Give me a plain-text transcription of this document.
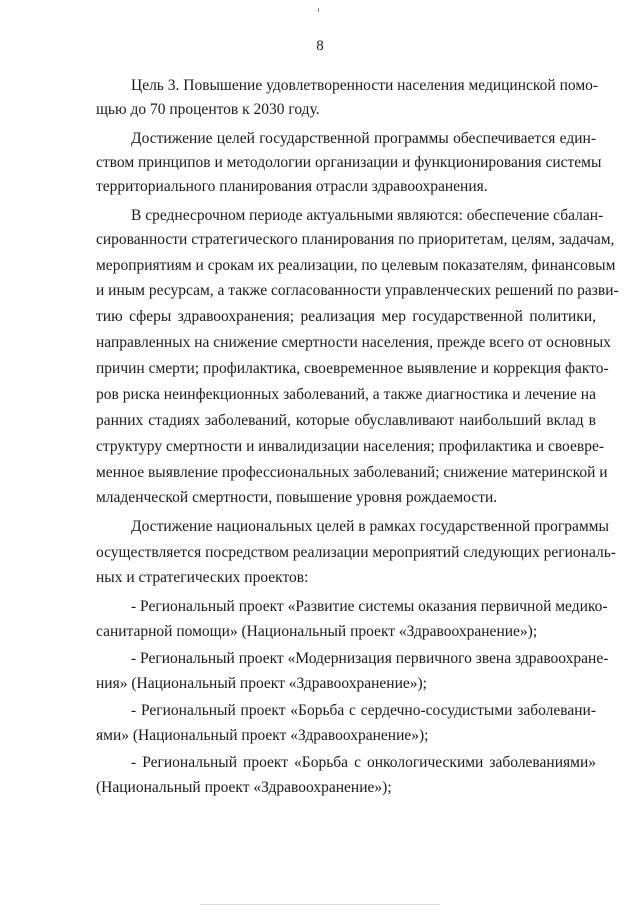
8
Цель 3. Повышение удовлетворенности населения медицинской помо-
щью до 70 процентов к 2030 году.
Достижение целей государственной программы обеспечивается един-
ством принципов и методологии организации и функционирования системы
территориального планирования отрасли здравоохранения.
В среднесрочном периоде актуальными являются: обеспечение сбалан-
сированности стратегического планирования по приоритетам, целям, задачам,
мероприятиям и срокам их реализации, по целевым показателям, финансовым
и иным ресурсам, а также согласованности управленческих решений по разви-
тию сферы здравоохранения; реализация мер государственной политики,
направленных на снижение смертности населения, прежде всего от основных
причин смерти; профилактика, своевременное выявление и коррекция факто-
ров риска неинфекционных заболеваний, а также диагностика и лечение на
ранних стадиях заболеваний, которые обуславливают наибольший вклад в
структуру смертности и инвалидизации населения; профилактика и своевре-
менное выявление профессиональных заболеваний; снижение материнской и
младенческой смертности, повышение уровня рождаемости.
Достижение национальных целей в рамках государственной программы
осуществляется посредством реализации мероприятий следующих региональ-
ных и стратегических проектов:
- Региональный проект «Развитие системы оказания первичной медико-
санитарной помощи» (Национальный проект «Здравоохранение»);
- Региональный проект «Модернизация первичного звена здравоохране-
ния» (Национальный проект «Здравоохранение»);
- Региональный проект «Борьба с сердечно-сосудистыми заболевани-
ями» (Национальный проект «Здравоохранение»);
- Региональный проект «Борьба с онкологическими заболеваниями»
(Национальный проект «Здравоохранение»);
